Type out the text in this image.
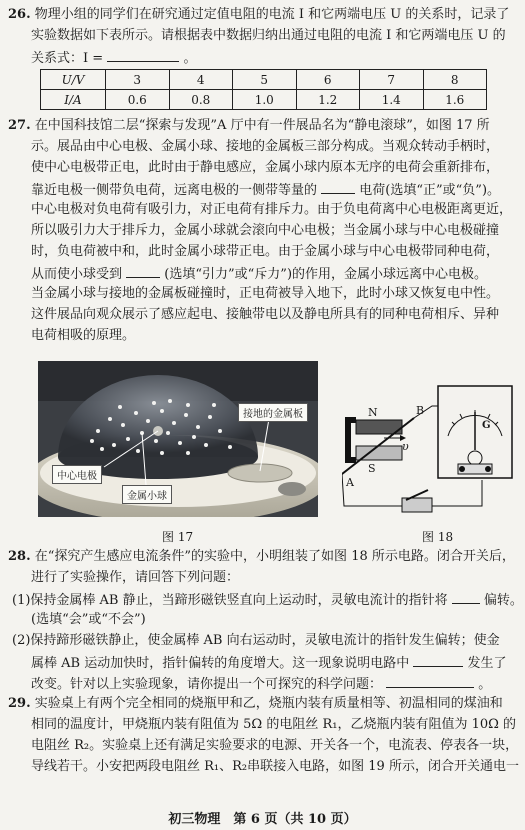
26. 物理小组的同学们在研究通过定值电阻的电流 I 和它两端电压 U 的关系时，记录了
实验数据如下表所示。请根据表中数据归纳出通过电阻的电流 I 和它两端电压 U 的
关系式：I =	。
U/V	3	4	5	6	7	8
I/A	0.6	0.8	1.0	1.2	1.4	1.6
27. 在中国科技馆二层“探索与发现”A 厅中有一件展品名为“静电滚球”，如图 17 所
示。展品由中心电极、金属小球、接地的金属板三部分构成。当观众转动手柄时，
使中心电极带正电，此时由于静电感应，金属小球内原本无序的电荷会重新排布，
靠近电极一侧带负电荷，远离电极的一侧带等量的	电荷(选填“正”或“负”)。
中心电极对负电荷有吸引力，对正电荷有排斥力。由于负电荷离中心电极距离更近，
所以吸引力大于排斥力，金属小球就会滚向中心电极；当金属小球与中心电极碰撞
时，负电荷被中和，此时金属小球带正电。由于金属小球与中心电极带同种电荷，
从而使小球受到	(选填“引力”或“斥力”)的作用，金属小球远离中心电极。
当金属小球与接地的金属板碰撞时，正电荷被导入地下，此时小球又恢复电中性。
这件展品向观众展示了感应起电、接触带电以及静电所具有的同种电荷相斥、异种
电荷相吸的原理。
接地的金属板
中心电极
金属小球
图 17
N
S
B
A
υ
G
图 18
28. 在“探究产生感应电流条件”的实验中，小明组装了如图 18 所示电路。闭合开关后，
进行了实验操作，请回答下列问题：
(1)保持金属棒 AB 静止，当蹄形磁铁竖直向上运动时，灵敏电流计的指针将	偏转。
(选填“会”或“不会”)
(2)保持蹄形磁铁静止，使金属棒 AB 向右运动时，灵敏电流计的指针发生偏转；使金
属棒 AB 运动加快时，指针偏转的角度增大。这一现象说明电路中	发生了
改变。针对以上实验现象，请你提出一个可探究的科学问题：	。
29. 实验桌上有两个完全相同的烧瓶甲和乙，烧瓶内装有质量相等、初温相同的煤油和
相同的温度计，甲烧瓶内装有阻值为 5Ω 的电阻丝 R₁，乙烧瓶内装有阻值为 10Ω 的
电阻丝 R₂。实验桌上还有满足实验要求的电源、开关各一个，电流表、停表各一块，
导线若干。小安把两段电阻丝 R₁、R₂串联接入电路，如图 19 所示，闭合开关通电一
初三物理　第 6 页（共 10 页）
